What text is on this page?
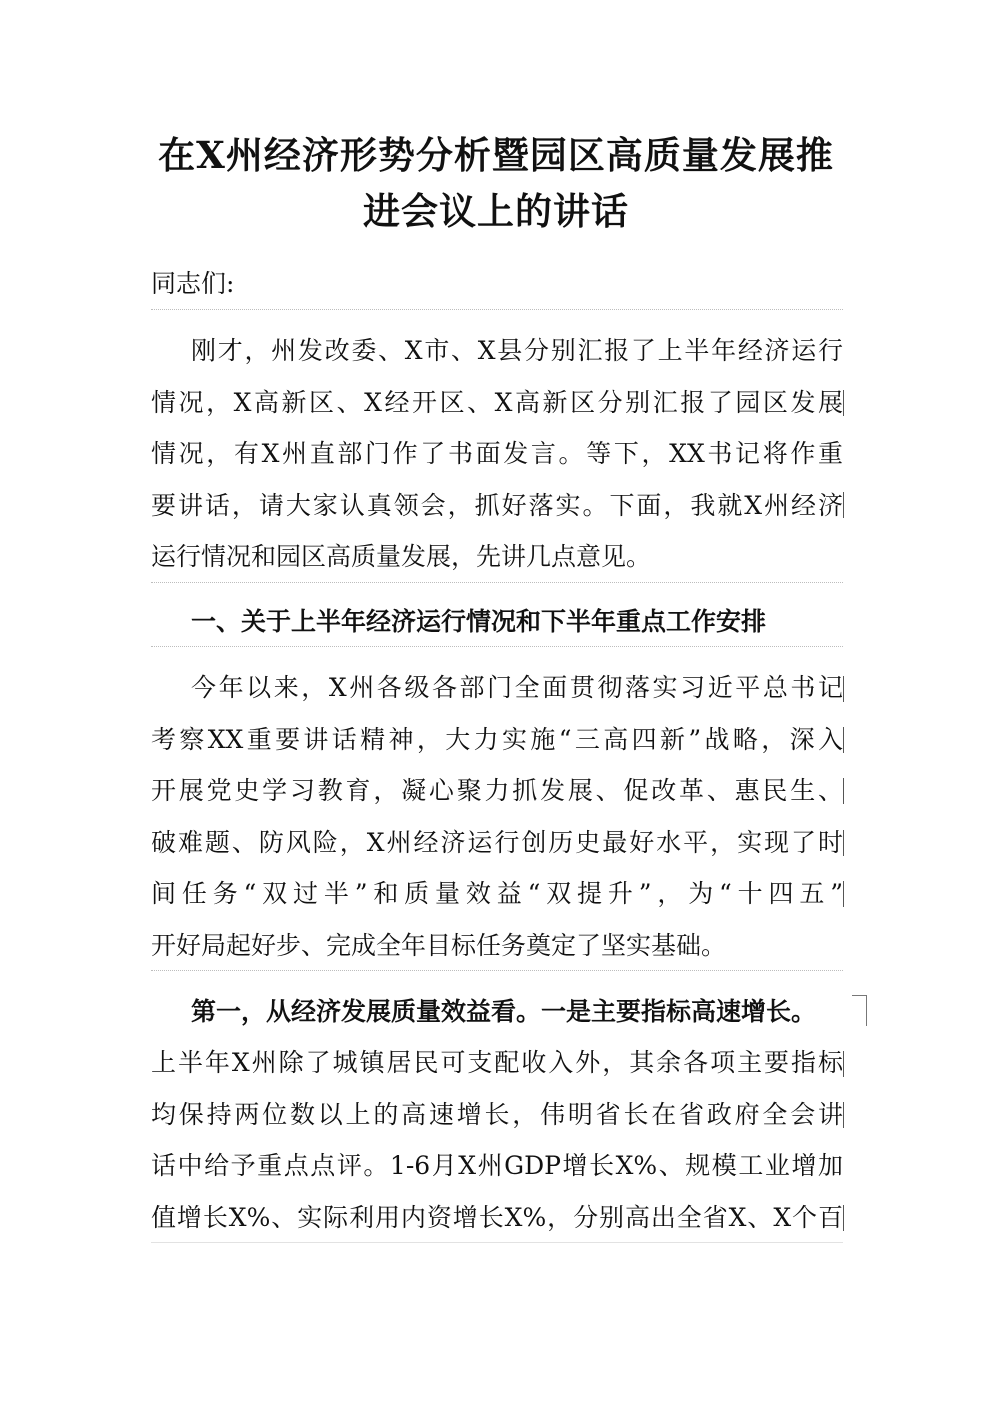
在X州经济形势分析暨园区高质量发展推
进会议上的讲话
同志们:
刚才，州发改委、X市、X县分别汇报了上半年经济运行
情况，X高新区、X经开区、X高新区分别汇报了园区发展
情况，有X州直部门作了书面发言。等下，XX书记将作重
要讲话，请大家认真领会，抓好落实。下面，我就X州经济
运行情况和园区高质量发展，先讲几点意见。
一、关于上半年经济运行情况和下半年重点工作安排
今年以来，X州各级各部门全面贯彻落实习近平总书记
考察XX重要讲话精神，大力实施“三高四新”战略，深入
开展党史学习教育，凝心聚力抓发展、促改革、惠民生、
破难题、防风险，X州经济运行创历史最好水平，实现了时
间任务“双过半”和质量效益“双提升”，为“十四五”
开好局起好步、完成全年目标任务奠定了坚实基础。
第一，从经济发展质量效益看。一是主要指标高速增长。
上半年X州除了城镇居民可支配收入外，其余各项主要指标
均保持两位数以上的高速增长，伟明省长在省政府全会讲
话中给予重点点评。1-6月X州GDP增长X%、规模工业增加
值增长X%、实际利用内资增长X%，分别高出全省X、X个百
